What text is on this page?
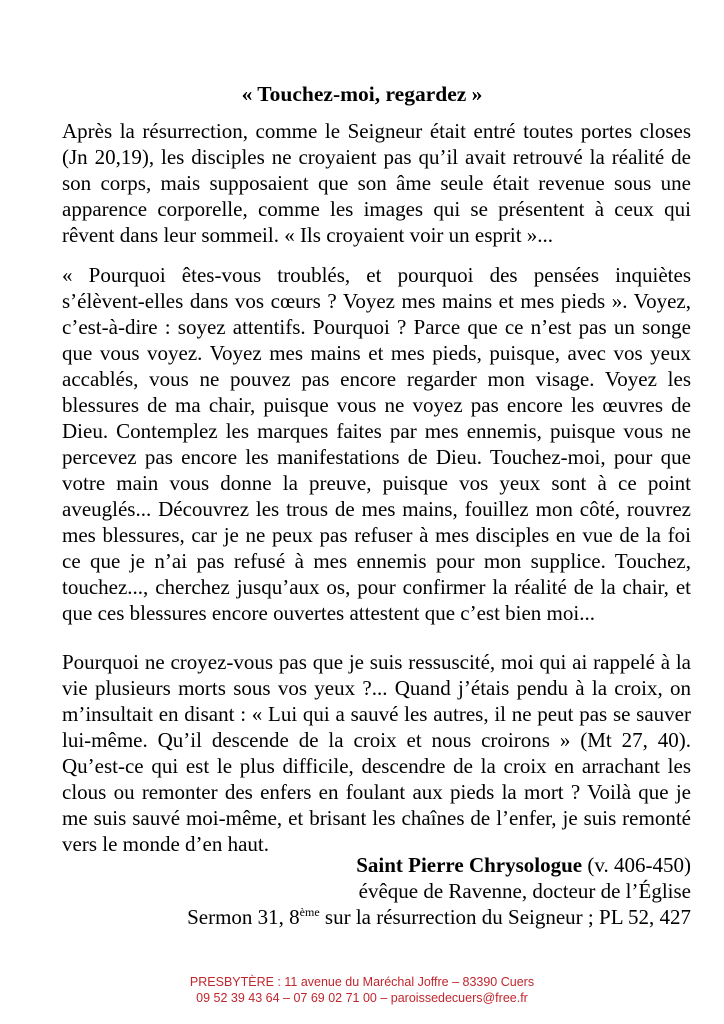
« Touchez-moi, regardez »

Après la résurrection, comme le Seigneur était entré toutes portes closes (Jn 20,19), les disciples ne croyaient pas qu’il avait retrouvé la réalité de son corps, mais supposaient que son âme seule était revenue sous une apparence corporelle, comme les images qui se présentent à ceux qui rêvent dans leur sommeil. « Ils croyaient voir un esprit »...

« Pourquoi êtes-vous troublés, et pourquoi des pensées inquiètes s’élèvent-elles dans vos cœurs ? Voyez mes mains et mes pieds ». Voyez, c’est-à-dire : soyez attentifs. Pourquoi ? Parce que ce n’est pas un songe que vous voyez. Voyez mes mains et mes pieds, puisque, avec vos yeux accablés, vous ne pouvez pas encore regarder mon visage. Voyez les blessures de ma chair, puisque vous ne voyez pas encore les œuvres de Dieu. Contemplez les marques faites par mes ennemis, puisque vous ne percevez pas encore les manifestations de Dieu. Touchez-moi, pour que votre main vous donne la preuve, puisque vos yeux sont à ce point aveuglés... Découvrez les trous de mes mains, fouillez mon côté, rouvrez mes blessures, car je ne peux pas refuser à mes disciples en vue de la foi ce que je n’ai pas refusé à mes ennemis pour mon supplice. Touchez, touchez..., cherchez jusqu’aux os, pour confirmer la réalité de la chair, et que ces blessures encore ouvertes attestent que c’est bien moi...

Pourquoi ne croyez-vous pas que je suis ressuscité, moi qui ai rappelé à la vie plusieurs morts sous vos yeux ?... Quand j’étais pendu à la croix, on m’insultait en disant : « Lui qui a sauvé les autres, il ne peut pas se sauver lui-même. Qu’il descende de la croix et nous croirons » (Mt 27, 40). Qu’est-ce qui est le plus difficile, descendre de la croix en arrachant les clous ou remonter des enfers en foulant aux pieds la mort ? Voilà que je me suis sauvé moi-même, et brisant les chaînes de l’enfer, je suis remonté vers le monde d’en haut.

Saint Pierre Chrysologue (v. 406-450)
évêque de Ravenne, docteur de l’Église
Sermon 31, 8ème sur la résurrection du Seigneur ; PL 52, 427
PRESBYTÈRE : 11 avenue du Maréchal Joffre – 83390 Cuers
09 52 39 43 64 – 07 69 02 71 00 – paroissedecuers@free.fr
